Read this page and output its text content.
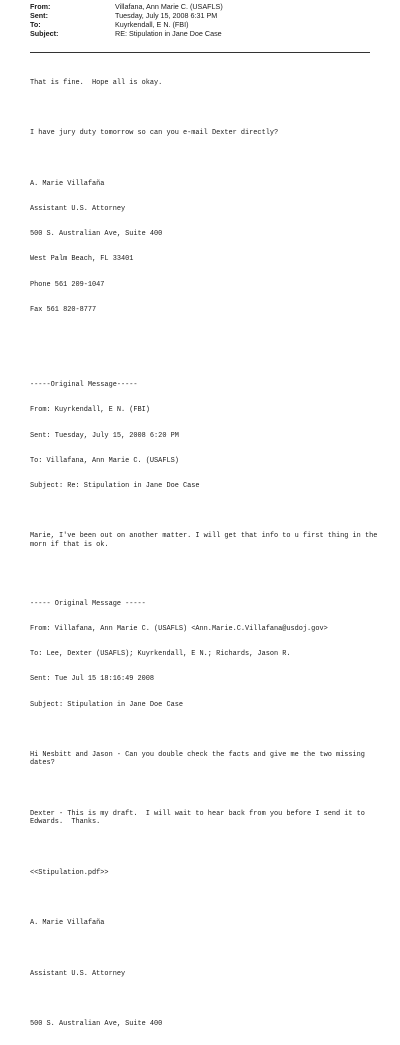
From:	Villafana, Ann Marie C. (USAFLS)
Sent:	Tuesday, July 15, 2008 6:31 PM
To:	Kuyrkendall, E N. (FBI)
Subject:	RE: Stipulation in Jane Doe Case

That is fine.  Hope all is okay.

I have jury duty tomorrow so can you e-mail Dexter directly?

A. Marie Villafaña

Assistant U.S. Attorney

500 S. Australian Ave, Suite 400

West Palm Beach, FL 33401

Phone 561 209-1047

Fax 561 820-8777

-----Original Message-----

From: Kuyrkendall, E N. (FBI)

Sent: Tuesday, July 15, 2008 6:20 PM

To: Villafana, Ann Marie C. (USAFLS)

Subject: Re: Stipulation in Jane Doe Case

Marie, I've been out on another matter. I will get that info to u first thing in the morn if that is ok.

----- Original Message -----

From: Villafana, Ann Marie C. (USAFLS) <Ann.Marie.C.Villafana@usdoj.gov>

To: Lee, Dexter (USAFLS); Kuyrkendall, E N.; Richards, Jason R.

Sent: Tue Jul 15 18:16:49 2008

Subject: Stipulation in Jane Doe Case

Hi Nesbitt and Jason - Can you double check the facts and give me the two missing dates?

Dexter - This is my draft.  I will wait to hear back from you before I send it to Edwards.  Thanks.

<<Stipulation.pdf>>

A. Marie Villafaña

Assistant U.S. Attorney

500 S. Australian Ave, Suite 400
